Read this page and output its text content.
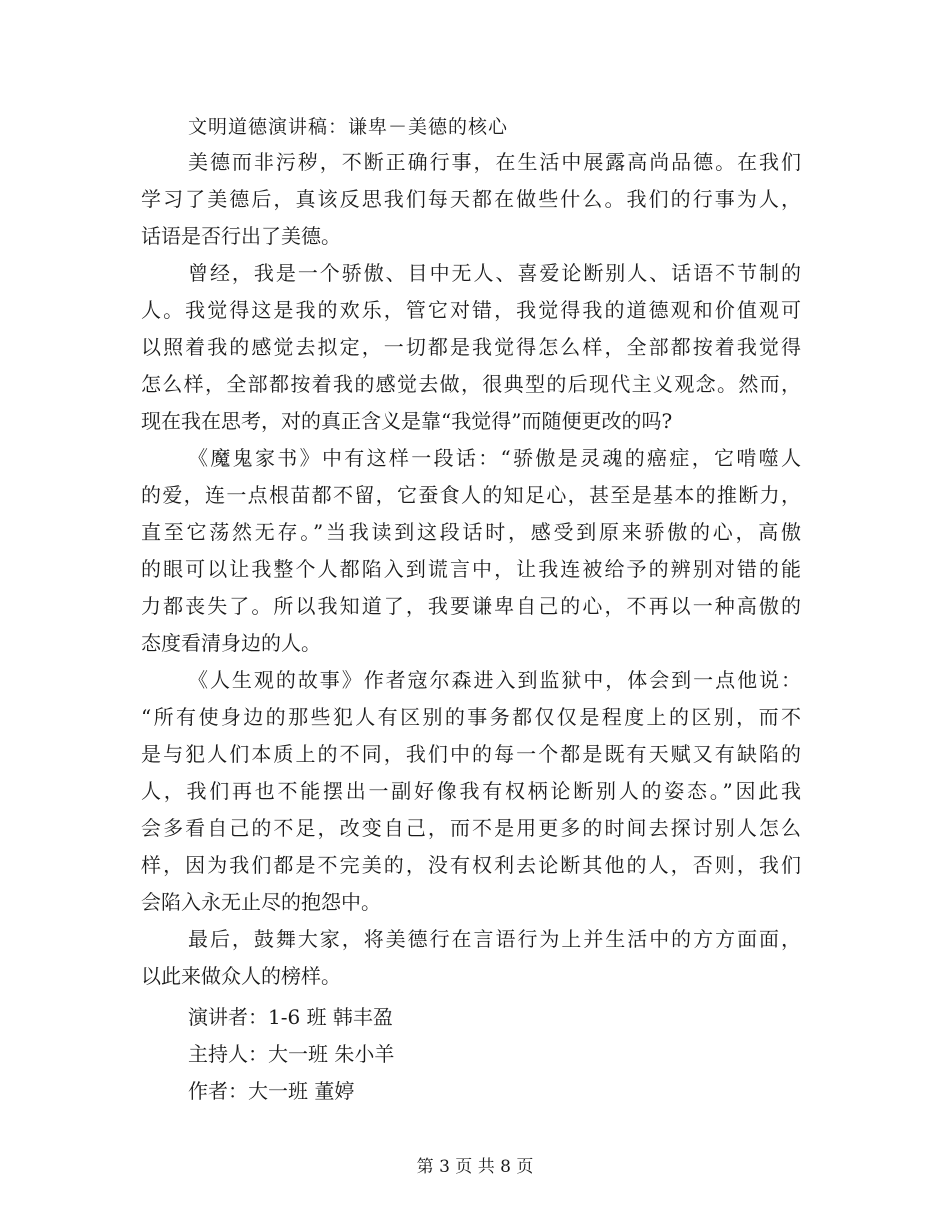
文明道德演讲稿：谦卑－美德的核心
美德而非污秽，不断正确行事，在生活中展露高尚品德。在我们
学习了美德后，真该反思我们每天都在做些什么。我们的行事为人，
话语是否行出了美德。
曾经，我是一个骄傲、目中无人、喜爱论断别人、话语不节制的
人。我觉得这是我的欢乐，管它对错，我觉得我的道德观和价值观可
以照着我的感觉去拟定，一切都是我觉得怎么样，全部都按着我觉得
怎么样，全部都按着我的感觉去做，很典型的后现代主义观念。然而，
现在我在思考，对的真正含义是靠“我觉得”而随便更改的吗?
《魔鬼家书》中有这样一段话：“骄傲是灵魂的癌症，它啃噬人
的爱，连一点根苗都不留，它蚕食人的知足心，甚至是基本的推断力，
直至它荡然无存。”当我读到这段话时，感受到原来骄傲的心，高傲
的眼可以让我整个人都陷入到谎言中，让我连被给予的辨别对错的能
力都丧失了。所以我知道了，我要谦卑自己的心，不再以一种高傲的
态度看清身边的人。
《人生观的故事》作者寇尔森进入到监狱中，体会到一点他说：
“所有使身边的那些犯人有区别的事务都仅仅是程度上的区别，而不
是与犯人们本质上的不同，我们中的每一个都是既有天赋又有缺陷的
人，我们再也不能摆出一副好像我有权柄论断别人的姿态。”因此我
会多看自己的不足，改变自己，而不是用更多的时间去探讨别人怎么
样，因为我们都是不完美的，没有权利去论断其他的人，否则，我们
会陷入永无止尽的抱怨中。
最后，鼓舞大家，将美德行在言语行为上并生活中的方方面面，
以此来做众人的榜样。
演讲者：1-6 班 韩丰盈
主持人：大一班 朱小羊
作者：大一班 董婷
第 3 页 共 8 页
